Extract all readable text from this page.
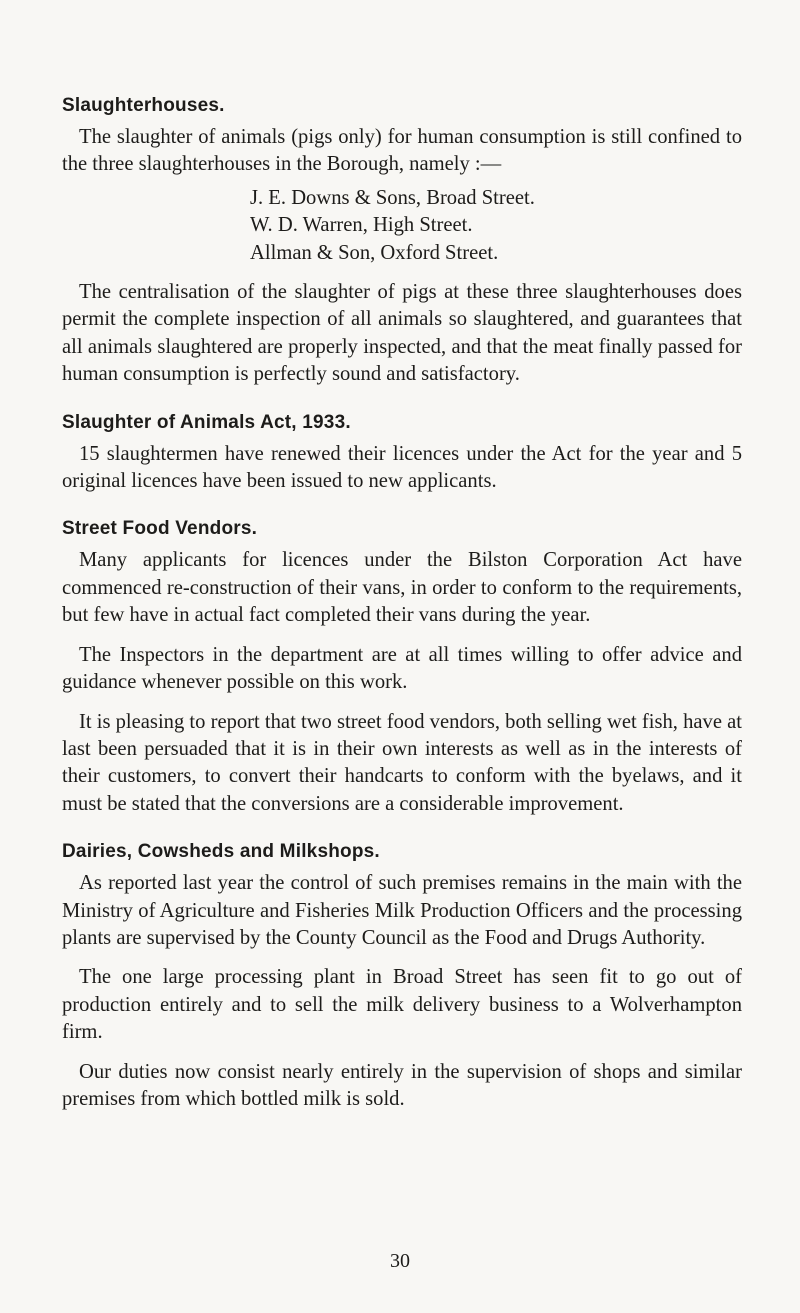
Slaughterhouses.

The slaughter of animals (pigs only) for human consumption is still confined to the three slaughterhouses in the Borough, namely :—

J. E. Downs & Sons, Broad Street.
W. D. Warren, High Street.
Allman & Son, Oxford Street.

The centralisation of the slaughter of pigs at these three slaughterhouses does permit the complete inspection of all animals so slaughtered, and guarantees that all animals slaughtered are properly inspected, and that the meat finally passed for human consumption is perfectly sound and satisfactory.

Slaughter of Animals Act, 1933.

15 slaughtermen have renewed their licences under the Act for the year and 5 original licences have been issued to new applicants.

Street Food Vendors.

Many applicants for licences under the Bilston Corporation Act have commenced re-construction of their vans, in order to conform to the requirements, but few have in actual fact completed their vans during the year.

The Inspectors in the department are at all times willing to offer advice and guidance whenever possible on this work.

It is pleasing to report that two street food vendors, both selling wet fish, have at last been persuaded that it is in their own interests as well as in the interests of their customers, to convert their handcarts to conform with the byelaws, and it must be stated that the conversions are a considerable improvement.

Dairies, Cowsheds and Milkshops.

As reported last year the control of such premises remains in the main with the Ministry of Agriculture and Fisheries Milk Production Officers and the processing plants are supervised by the County Council as the Food and Drugs Authority.

The one large processing plant in Broad Street has seen fit to go out of production entirely and to sell the milk delivery business to a Wolverhampton firm.

Our duties now consist nearly entirely in the supervision of shops and similar premises from which bottled milk is sold.

30
